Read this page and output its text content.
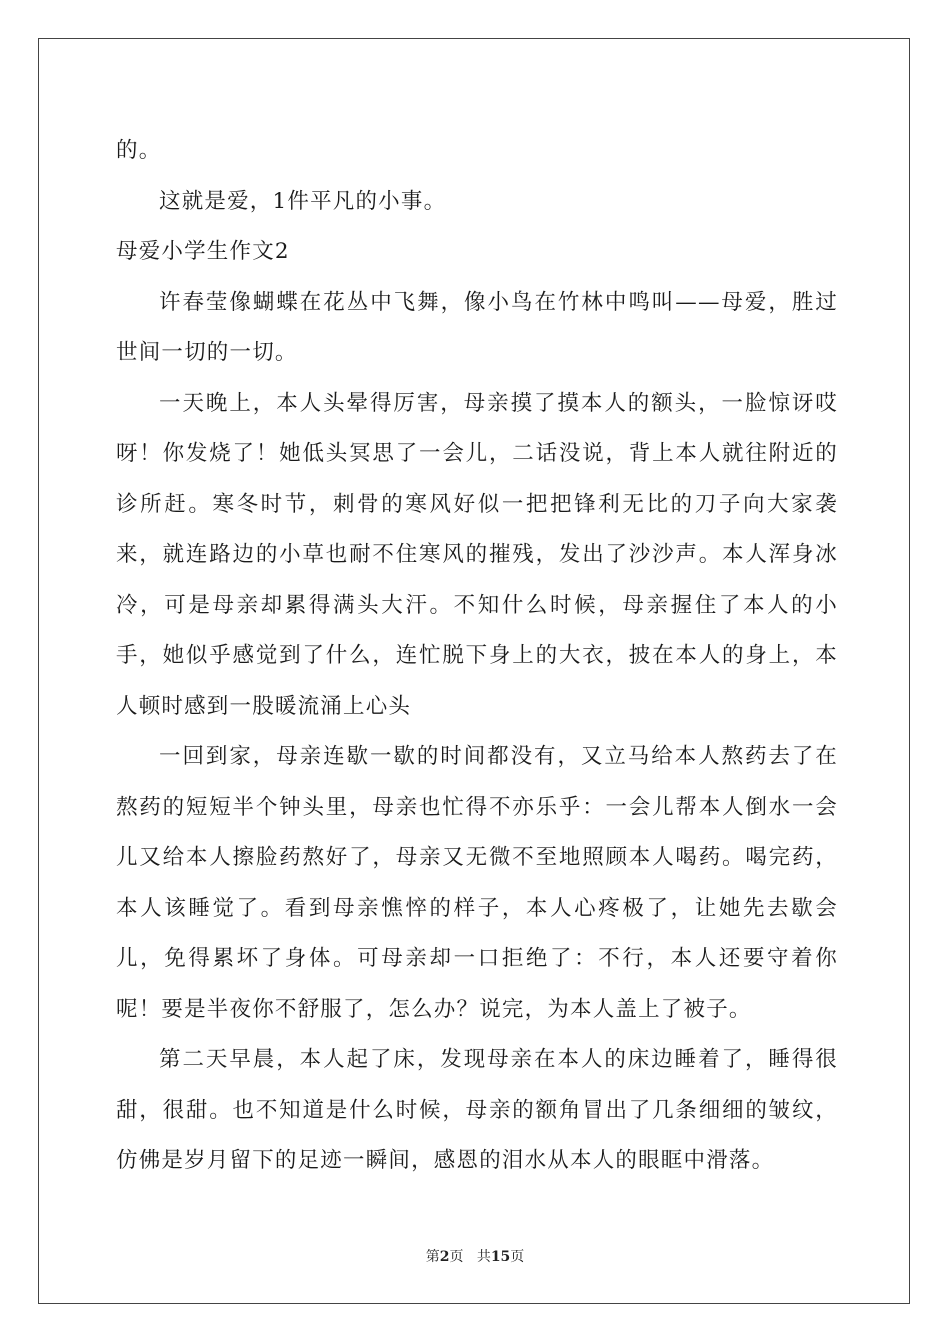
的。

这就是爱，1件平凡的小事。

母爱小学生作文2

许春莹像蝴蝶在花丛中飞舞，像小鸟在竹林中鸣叫——母爱，胜过世间一切的一切。

一天晚上，本人头晕得厉害，母亲摸了摸本人的额头，一脸惊讶哎呀！你发烧了！她低头冥思了一会儿，二话没说，背上本人就往附近的诊所赶。寒冬时节，刺骨的寒风好似一把把锋利无比的刀子向大家袭来，就连路边的小草也耐不住寒风的摧残，发出了沙沙声。本人浑身冰冷，可是母亲却累得满头大汗。不知什么时候，母亲握住了本人的小手，她似乎感觉到了什么，连忙脱下身上的大衣，披在本人的身上，本人顿时感到一股暖流涌上心头

一回到家，母亲连歇一歇的时间都没有，又立马给本人熬药去了在熬药的短短半个钟头里，母亲也忙得不亦乐乎：一会儿帮本人倒水一会儿又给本人擦脸药熬好了，母亲又无微不至地照顾本人喝药。喝完药，本人该睡觉了。看到母亲憔悴的样子，本人心疼极了，让她先去歇会儿，免得累坏了身体。可母亲却一口拒绝了：不行，本人还要守着你呢！要是半夜你不舒服了，怎么办？说完，为本人盖上了被子。

第二天早晨，本人起了床，发现母亲在本人的床边睡着了，睡得很甜，很甜。也不知道是什么时候，母亲的额角冒出了几条细细的皱纹，仿佛是岁月留下的足迹一瞬间，感恩的泪水从本人的眼眶中滑落。

第2页 共15页
